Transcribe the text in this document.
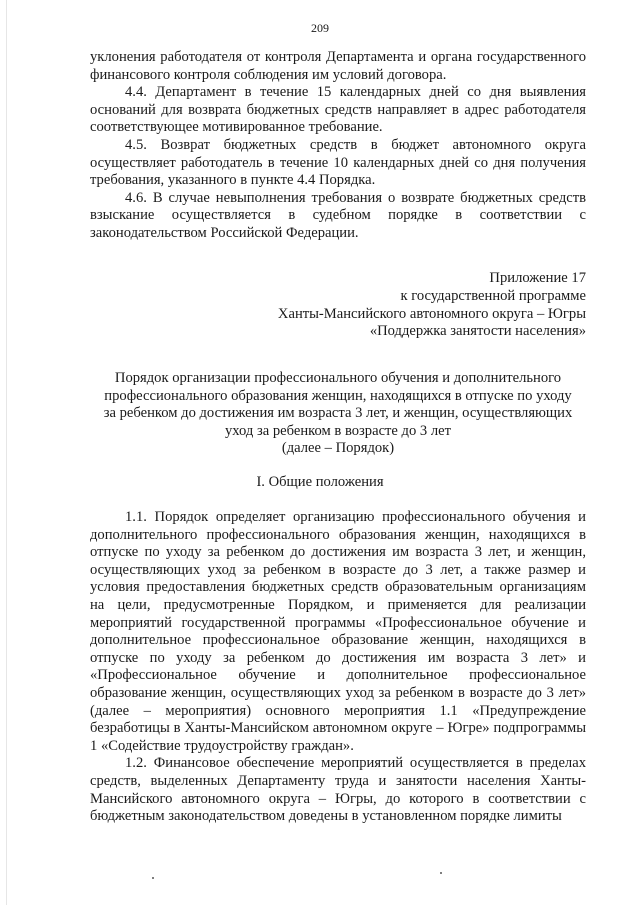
209

уклонения работодателя от контроля Департамента и органа государственного финансового контроля соблюдения им условий договора.

4.4. Департамент в течение 15 календарных дней со дня выявления оснований для возврата бюджетных средств направляет в адрес работодателя соответствующее мотивированное требование.

4.5. Возврат бюджетных средств в бюджет автономного округа осуществляет работодатель в течение 10 календарных дней со дня получения требования, указанного в пункте 4.4 Порядка.

4.6. В случае невыполнения требования о возврате бюджетных средств взыскание осуществляется в судебном порядке в соответствии с законодательством Российской Федерации.

Приложение 17
к государственной программе
Ханты-Мансийского автономного округа – Югры
«Поддержка занятости населения»
Порядок организации профессионального обучения и дополнительного
профессионального образования женщин, находящихся в отпуске по уходу
за ребенком до достижения им возраста 3 лет, и женщин, осуществляющих
уход за ребенком в возрасте до 3 лет
(далее – Порядок)
I. Общие положения

1.1. Порядок определяет организацию профессионального обучения и дополнительного профессионального образования женщин, находящихся в отпуске по уходу за ребенком до достижения им возраста 3 лет, и женщин, осуществляющих уход за ребенком в возрасте до 3 лет, а также размер и условия предоставления бюджетных средств образовательным организациям на цели, предусмотренные Порядком, и применяется для реализации мероприятий государственной программы «Профессиональное обучение и дополнительное профессиональное образование женщин, находящихся в отпуске по уходу за ребенком до достижения им возраста 3 лет» и «Профессиональное обучение и дополнительное профессиональное образование женщин, осуществляющих уход за ребенком в возрасте до 3 лет» (далее – мероприятия) основного мероприятия 1.1 «Предупреждение безработицы в Ханты-Мансийском автономном округе – Югре» подпрограммы 1 «Содействие трудоустройству граждан».

1.2. Финансовое обеспечение мероприятий осуществляется в пределах средств, выделенных Департаменту труда и занятости населения Ханты-Мансийского автономного округа – Югры, до которого в соответствии с бюджетным законодательством доведены в установленном порядке лимиты
